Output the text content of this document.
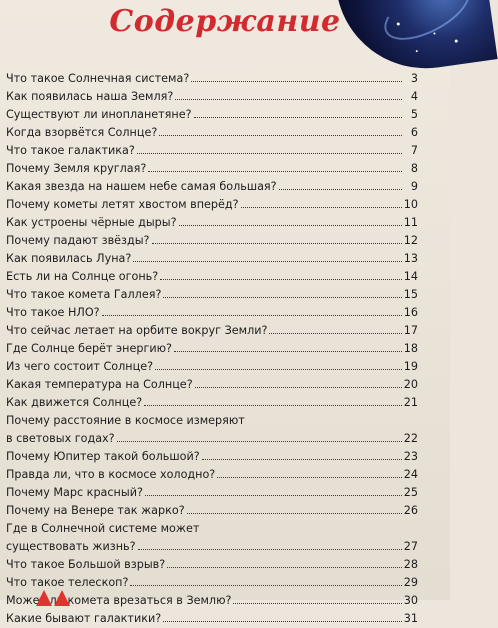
Содержание
Что такое Солнечная система?	3
Как появилась наша Земля?	4
Существуют ли инопланетяне?	5
Когда взорвётся Солнце?	6
Что такое галактика?	7
Почему Земля круглая?	8
Какая звезда на нашем небе самая большая?	9
Почему кометы летят хвостом вперёд?	10
Как устроены чёрные дыры?	11
Почему падают звёзды?	12
Как появилась Луна?	13
Есть ли на Солнце огонь?	14
Что такое комета Галлея?	15
Что такое НЛО?	16
Что сейчас летает на орбите вокруг Земли?	17
Где Солнце берёт энергию?	18
Из чего состоит Солнце?	19
Какая температура на Солнце?	20
Как движется Солнце?	21
Почему расстояние в космосе измеряют
в световых годах?	22
Почему Юпитер такой большой?	23
Правда ли, что в космосе холодно?	24
Почему Марс красный?	25
Почему на Венере так жарко?	26
Где в Солнечной системе может
существовать жизнь?	27
Что такое Большой взрыв?	28
Что такое телескоп?	29
Может ли комета врезаться в Землю?	30
Какие бывают галактики?	31
